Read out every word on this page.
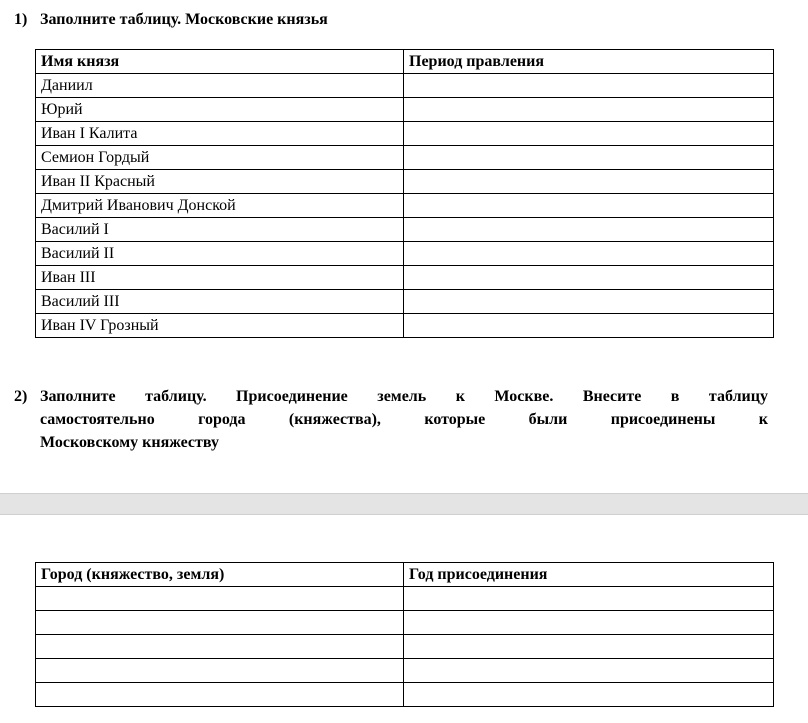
1) Заполните таблицу. Московские князья
Имя князя	Период правления
Даниил	
Юрий	
Иван I Калита	
Семион Гордый	
Иван II Красный	
Дмитрий Иванович Донской	
Василий I	
Василий II	
Иван III	
Василий III	
Иван IV Грозный	
2) Заполните таблицу. Присоединение земель к Москве. Внесите в таблицу
самостоятельно города (княжества), которые были присоединены к
Московскому княжеству
Город (княжество, земля)	Год присоединения
